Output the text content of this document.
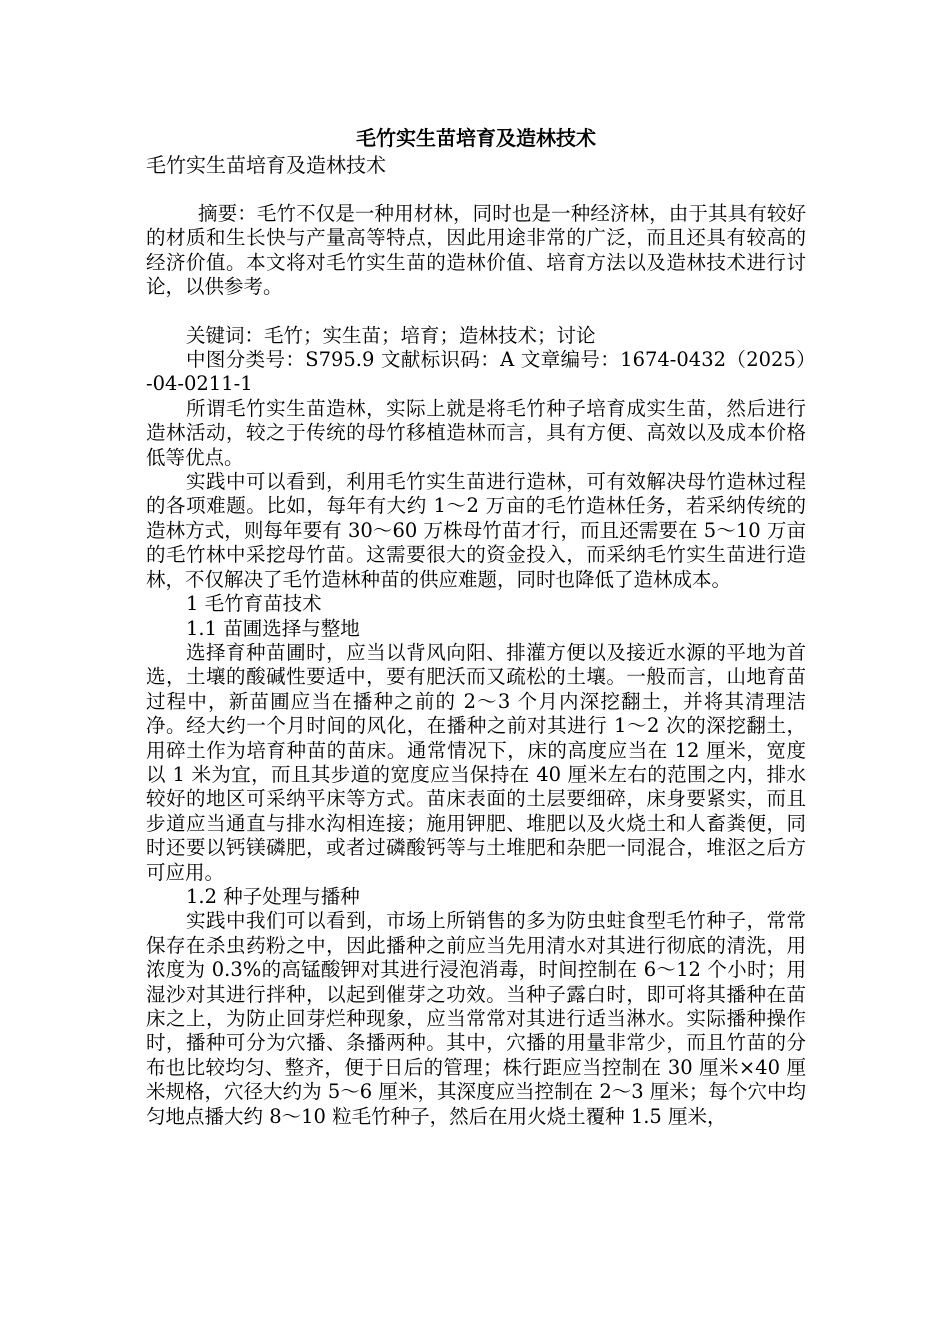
毛竹实生苗培育及造林技术

毛竹实生苗培育及造林技术

摘要：毛竹不仅是一种用材林，同时也是一种经济林，由于其具有较好的材质和生长快与产量高等特点，因此用途非常的广泛，而且还具有较高的经济价值。本文将对毛竹实生苗的造林价值、培育方法以及造林技术进行讨论，以供参考。

关键词：毛竹；实生苗；培育；造林技术；讨论

中图分类号：S795.9 文献标识码：A 文章编号：1674-0432（2025）-04-0211-1

所谓毛竹实生苗造林，实际上就是将毛竹种子培育成实生苗，然后进行造林活动，较之于传统的母竹移植造林而言，具有方便、高效以及成本价格低等优点。

实践中可以看到，利用毛竹实生苗进行造林，可有效解决母竹造林过程的各项难题。比如，每年有大约 1～2 万亩的毛竹造林任务，若采纳传统的造林方式，则每年要有 30～60 万株母竹苗才行，而且还需要在 5～10 万亩的毛竹林中采挖母竹苗。这需要很大的资金投入，而采纳毛竹实生苗进行造林，不仅解决了毛竹造林种苗的供应难题，同时也降低了造林成本。

1 毛竹育苗技术

1.1 苗圃选择与整地

选择育种苗圃时，应当以背风向阳、排灌方便以及接近水源的平地为首选，土壤的酸碱性要适中，要有肥沃而又疏松的土壤。一般而言，山地育苗过程中，新苗圃应当在播种之前的 2～3 个月内深挖翻土，并将其清理洁净。经大约一个月时间的风化，在播种之前对其进行 1～2 次的深挖翻土，用碎土作为培育种苗的苗床。通常情况下，床的高度应当在 12 厘米，宽度以 1 米为宜，而且其步道的宽度应当保持在 40 厘米左右的范围之内，排水较好的地区可采纳平床等方式。苗床表面的土层要细碎，床身要紧实，而且步道应当通直与排水沟相连接；施用钾肥、堆肥以及火烧土和人畜粪便，同时还要以钙镁磷肥，或者过磷酸钙等与土堆肥和杂肥一同混合，堆沤之后方可应用。

1.2 种子处理与播种

实践中我们可以看到，市场上所销售的多为防虫蛀食型毛竹种子，常常保存在杀虫药粉之中，因此播种之前应当先用清水对其进行彻底的清洗，用浓度为 0.3%的高锰酸钾对其进行浸泡消毒，时间控制在 6～12 个小时；用湿沙对其进行拌种，以起到催芽之功效。当种子露白时，即可将其播种在苗床之上，为防止回芽烂种现象，应当常常对其进行适当淋水。实际播种操作时，播种可分为穴播、条播两种。其中，穴播的用量非常少，而且竹苗的分布也比较均匀、整齐，便于日后的管理；株行距应当控制在 30 厘米×40 厘米规格，穴径大约为 5～6 厘米，其深度应当控制在 2～3 厘米；每个穴中均匀地点播大约 8～10 粒毛竹种子，然后在用火烧土覆种 1.5 厘米，
